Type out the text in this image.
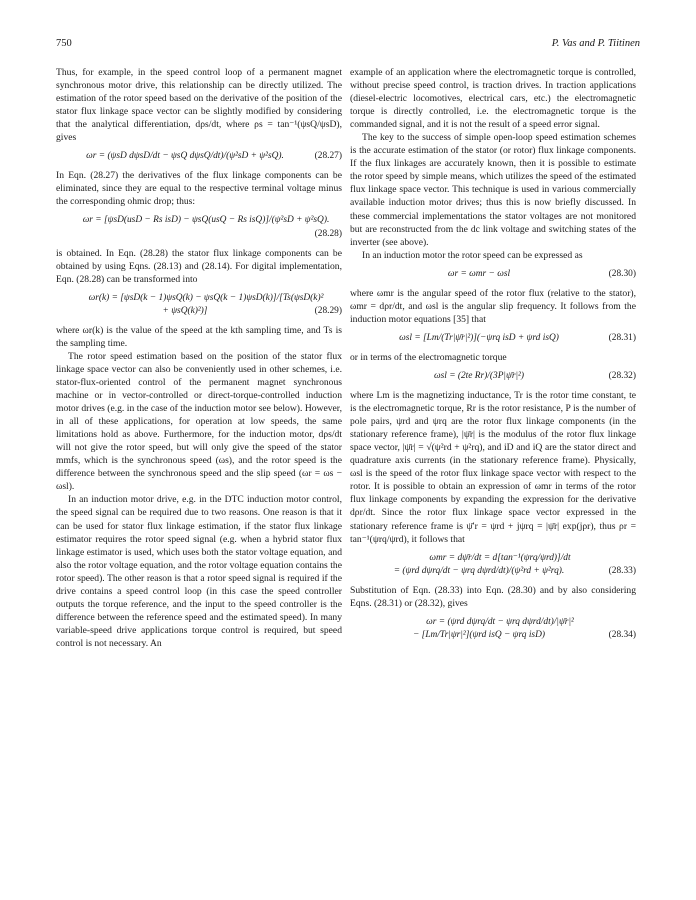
750	P. Vas and P. Tiitinen

Thus, for example, in the speed control loop of a permanent magnet synchronous motor drive, this relationship can be directly utilized. The estimation of the rotor speed based on the derivative of the position of the stator flux linkage space vector can be slightly modified by considering that the analytical differentiation, dρs/dt, where ρs = tan⁻¹(ψsQ/ψsD), gives

ωr = (ψsD dψsD/dt − ψsQ dψsQ/dt)/(ψ²sD + ψ²sQ).	(28.27)

In Eqn. (28.27) the derivatives of the flux linkage components can be eliminated, since they are equal to the respective terminal voltage minus the corresponding ohmic drop; thus:

ωr = [ψsD(usD − Rs isD) − ψsQ(usQ − Rs isQ)]/(ψ²sD + ψ²sQ).
(28.28)

is obtained. In Eqn. (28.28) the stator flux linkage components can be obtained by using Eqns. (28.13) and (28.14). For digital implementation, Eqn. (28.28) can be transformed into

ωr(k) = [ψsD(k − 1)ψsQ(k) − ψsQ(k − 1)ψsD(k)]/[Ts(ψsD(k)²
+ ψsQ(k)²)]	(28.29)

where ωr(k) is the value of the speed at the kth sampling time, and Ts is the sampling time.

The rotor speed estimation based on the position of the stator flux linkage space vector can also be conveniently used in other schemes, i.e. stator-flux-oriented control of the permanent magnet synchronous machine or in vector-controlled or direct-torque-controlled induction motor drives (e.g. in the case of the induction motor see below). However, in all of these applications, for operation at low speeds, the same limitations hold as above. Furthermore, for the induction motor, dρs/dt will not give the rotor speed, but will only give the speed of the stator mmfs, which is the synchronous speed (ωs), and the rotor speed is the difference between the synchronous speed and the slip speed (ωr = ωs − ωsl).

In an induction motor drive, e.g. in the DTC induction motor control, the speed signal can be required due to two reasons. One reason is that it can be used for stator flux linkage estimation, if the stator flux linkage estimator requires the rotor speed signal (e.g. when a hybrid stator flux linkage estimator is used, which uses both the stator voltage equation, and also the rotor voltage equation, and the rotor voltage equation contains the rotor speed). The other reason is that a rotor speed signal is required if the drive contains a speed control loop (in this case the speed controller outputs the torque reference, and the input to the speed controller is the difference between the reference speed and the estimated speed). In many variable-speed drive applications torque control is required, but speed control is not necessary. An

example of an application where the electromagnetic torque is controlled, without precise speed control, is traction drives. In traction applications (diesel-electric locomotives, electrical cars, etc.) the electromagnetic torque is directly controlled, i.e. the electromagnetic torque is the commanded signal, and it is not the result of a speed error signal.

The key to the success of simple open-loop speed estimation schemes is the accurate estimation of the stator (or rotor) flux linkage components. If the flux linkages are accurately known, then it is possible to estimate the rotor speed by simple means, which utilizes the speed of the estimated flux linkage space vector. This technique is used in various commercially available induction motor drives; thus this is now briefly discussed. In these commercial implementations the stator voltages are not monitored but are reconstructed from the dc link voltage and switching states of the inverter (see above).

In an induction motor the rotor speed can be expressed as

ωr = ωmr − ωsl	(28.30)

where ωmr is the angular speed of the rotor flux (relative to the stator), ωmr = dρr/dt, and ωsl is the angular slip frequency. It follows from the induction motor equations [35] that

ωsl = [Lm/(Tr|ψ̄r|²)](−ψrq isD + ψrd isQ)	(28.31)

or in terms of the electromagnetic torque

ωsl = (2te Rr)/(3P|ψ̄r|²)	(28.32)

where Lm is the magnetizing inductance, Tr is the rotor time constant, te is the electromagnetic torque, Rr is the rotor resistance, P is the number of pole pairs, ψrd and ψrq are the rotor flux linkage components (in the stationary reference frame), |ψ̄r| is the modulus of the rotor flux linkage space vector, |ψ̄r| = √(ψ²rd + ψ²rq), and iD and iQ are the stator direct and quadrature axis currents (in the stationary reference frame). Physically, ωsl is the speed of the rotor flux linkage space vector with respect to the rotor. It is possible to obtain an expression of ωmr in terms of the rotor flux linkage components by expanding the expression for the derivative dρr/dt. Since the rotor flux linkage space vector expressed in the stationary reference frame is ψ̄′r = ψrd + jψrq = |ψ̄r| exp(jρr), thus ρr = tan⁻¹(ψrq/ψrd), it follows that

ωmr = dψ̄r/dt = d[tan⁻¹(ψrq/ψrd)]/dt
= (ψrd dψrq/dt − ψrq dψrd/dt)/(ψ²rd + ψ²rq).	(28.33)

Substitution of Eqn. (28.33) into Eqn. (28.30) and by also considering Eqns. (28.31) or (28.32), gives

ωr = (ψrd dψrq/dt − ψrq dψrd/dt)/|ψ̄r|²
− [Lm/Tr|ψr|²](ψrd isQ − ψrq isD)	(28.34)
